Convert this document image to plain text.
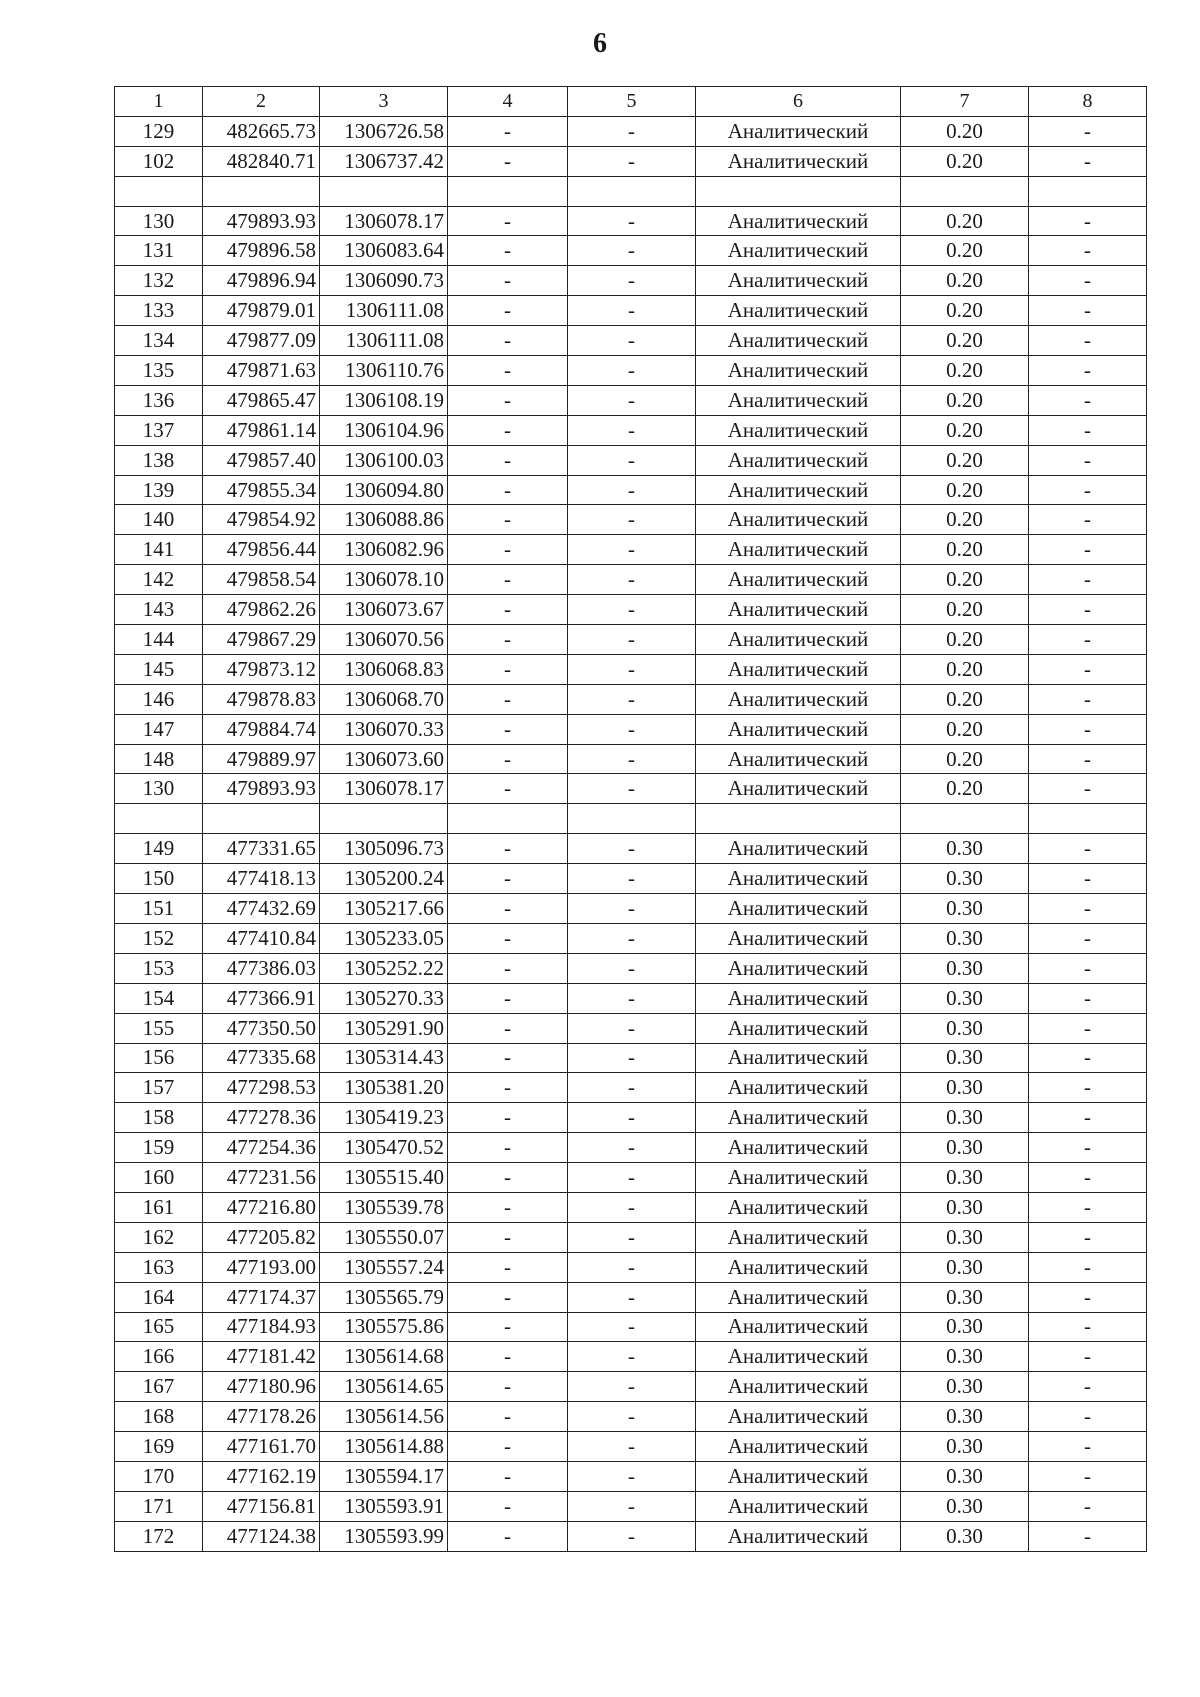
6
1	2	3	4	5	6	7	8
129	482665.73	1306726.58	-	-	Аналитический	0.20	-
102	482840.71	1306737.42	-	-	Аналитический	0.20	-

130	479893.93	1306078.17	-	-	Аналитический	0.20	-
131	479896.58	1306083.64	-	-	Аналитический	0.20	-
132	479896.94	1306090.73	-	-	Аналитический	0.20	-
133	479879.01	1306111.08	-	-	Аналитический	0.20	-
134	479877.09	1306111.08	-	-	Аналитический	0.20	-
135	479871.63	1306110.76	-	-	Аналитический	0.20	-
136	479865.47	1306108.19	-	-	Аналитический	0.20	-
137	479861.14	1306104.96	-	-	Аналитический	0.20	-
138	479857.40	1306100.03	-	-	Аналитический	0.20	-
139	479855.34	1306094.80	-	-	Аналитический	0.20	-
140	479854.92	1306088.86	-	-	Аналитический	0.20	-
141	479856.44	1306082.96	-	-	Аналитический	0.20	-
142	479858.54	1306078.10	-	-	Аналитический	0.20	-
143	479862.26	1306073.67	-	-	Аналитический	0.20	-
144	479867.29	1306070.56	-	-	Аналитический	0.20	-
145	479873.12	1306068.83	-	-	Аналитический	0.20	-
146	479878.83	1306068.70	-	-	Аналитический	0.20	-
147	479884.74	1306070.33	-	-	Аналитический	0.20	-
148	479889.97	1306073.60	-	-	Аналитический	0.20	-
130	479893.93	1306078.17	-	-	Аналитический	0.20	-

149	477331.65	1305096.73	-	-	Аналитический	0.30	-
150	477418.13	1305200.24	-	-	Аналитический	0.30	-
151	477432.69	1305217.66	-	-	Аналитический	0.30	-
152	477410.84	1305233.05	-	-	Аналитический	0.30	-
153	477386.03	1305252.22	-	-	Аналитический	0.30	-
154	477366.91	1305270.33	-	-	Аналитический	0.30	-
155	477350.50	1305291.90	-	-	Аналитический	0.30	-
156	477335.68	1305314.43	-	-	Аналитический	0.30	-
157	477298.53	1305381.20	-	-	Аналитический	0.30	-
158	477278.36	1305419.23	-	-	Аналитический	0.30	-
159	477254.36	1305470.52	-	-	Аналитический	0.30	-
160	477231.56	1305515.40	-	-	Аналитический	0.30	-
161	477216.80	1305539.78	-	-	Аналитический	0.30	-
162	477205.82	1305550.07	-	-	Аналитический	0.30	-
163	477193.00	1305557.24	-	-	Аналитический	0.30	-
164	477174.37	1305565.79	-	-	Аналитический	0.30	-
165	477184.93	1305575.86	-	-	Аналитический	0.30	-
166	477181.42	1305614.68	-	-	Аналитический	0.30	-
167	477180.96	1305614.65	-	-	Аналитический	0.30	-
168	477178.26	1305614.56	-	-	Аналитический	0.30	-
169	477161.70	1305614.88	-	-	Аналитический	0.30	-
170	477162.19	1305594.17	-	-	Аналитический	0.30	-
171	477156.81	1305593.91	-	-	Аналитический	0.30	-
172	477124.38	1305593.99	-	-	Аналитический	0.30	-
